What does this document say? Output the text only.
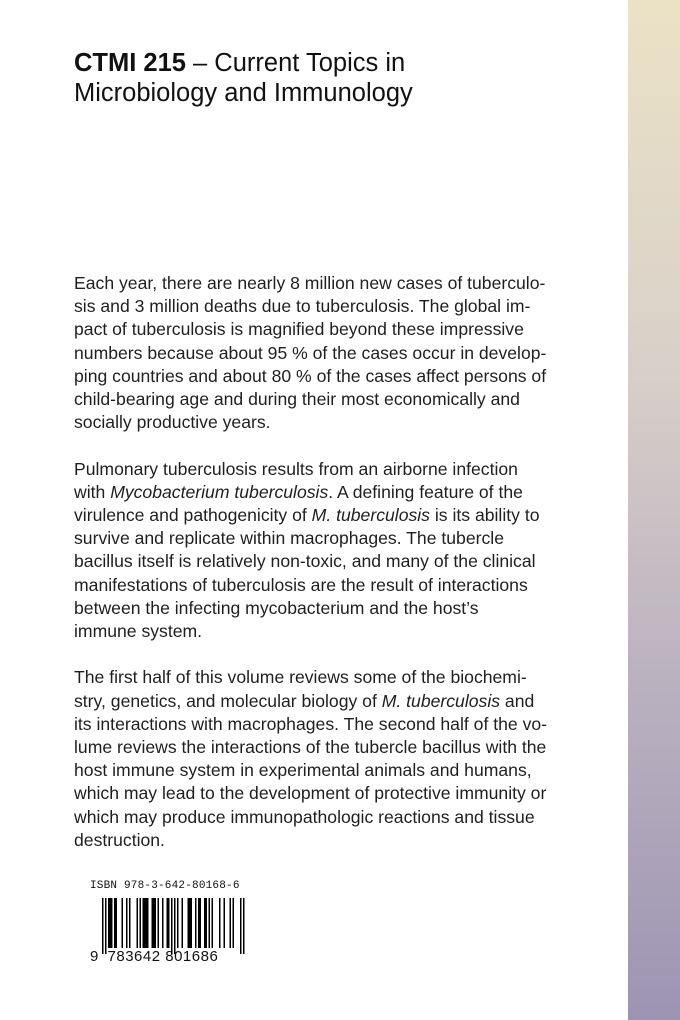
CTMI 215 – Current Topics in
Microbiology and Immunology

Each year, there are nearly 8 million new cases of tuberculo-
sis and 3 million deaths due to tuberculosis. The global im-
pact of tuberculosis is magnified beyond these impressive
numbers because about 95 % of the cases occur in develop-
ping countries and about 80 % of the cases affect persons of
child-bearing age and during their most economically and
socially productive years.

Pulmonary tuberculosis results from an airborne infection
with Mycobacterium tuberculosis. A defining feature of the
virulence and pathogenicity of M. tuberculosis is its ability to
survive and replicate within macrophages. The tubercle
bacillus itself is relatively non-toxic, and many of the clinical
manifestations of tuberculosis are the result of interactions
between the infecting mycobacterium and the host’s
immune system.

The first half of this volume reviews some of the biochemi-
stry, genetics, and molecular biology of M. tuberculosis and
its interactions with macrophages. The second half of the vo-
lume reviews the interactions of the tubercle bacillus with the
host immune system in experimental animals and humans,
which may lead to the development of protective immunity or
which may produce immunopathologic reactions and tissue
destruction.

ISBN 978-3-642-80168-6
9 783642 801686
